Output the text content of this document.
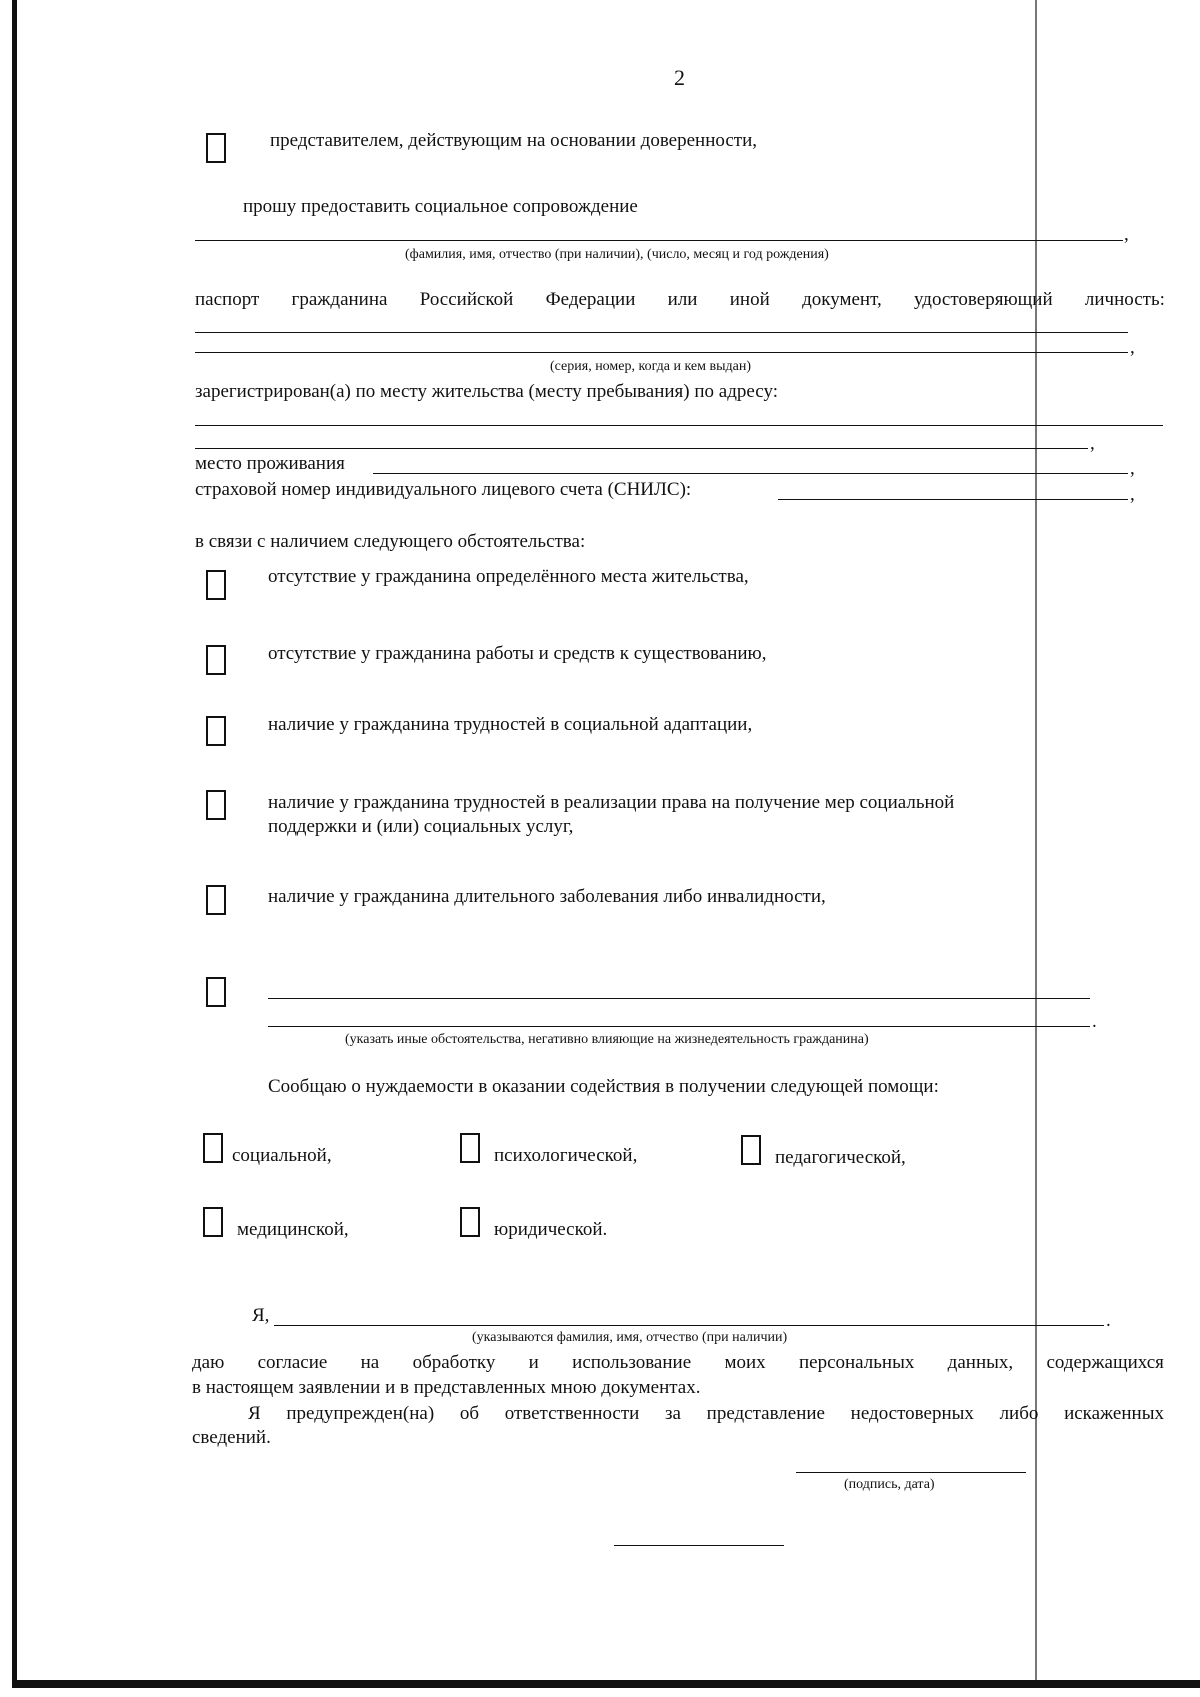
2
представителем, действующим на основании доверенности,
прошу предоставить социальное сопровождение
,
(фамилия, имя, отчество (при наличии), (число, месяц и год рождения)
паспорт гражданина Российской Федерации или иной документ, удостоверяющий личность:
,
(серия, номер, когда и кем выдан)
зарегистрирован(а) по месту жительства (месту пребывания) по адресу:
,
место проживания	,
страховой номер индивидуального лицевого счета (СНИЛС):	,
в связи с наличием следующего обстоятельства:
отсутствие у гражданина определённого места жительства,
отсутствие у гражданина работы и средств к существованию,
наличие у гражданина трудностей в социальной адаптации,
наличие у гражданина трудностей в реализации права на получение мер социальной
поддержки и (или) социальных услуг,
наличие у гражданина длительного заболевания либо инвалидности,
.
(указать иные обстоятельства, негативно влияющие на жизнедеятельность гражданина)
Сообщаю о нуждаемости в оказании содействия в получении следующей помощи:
социальной,	психологической,	педагогической,
медицинской,	юридической.
Я,	.
(указываются фамилия, имя, отчество (при наличии)
даю согласие на обработку и использование моих персональных данных, содержащихся
в настоящем заявлении и в представленных мною документах.
Я предупрежден(на) об ответственности за представление недостоверных либо искаженных
сведений.
(подпись, дата)
